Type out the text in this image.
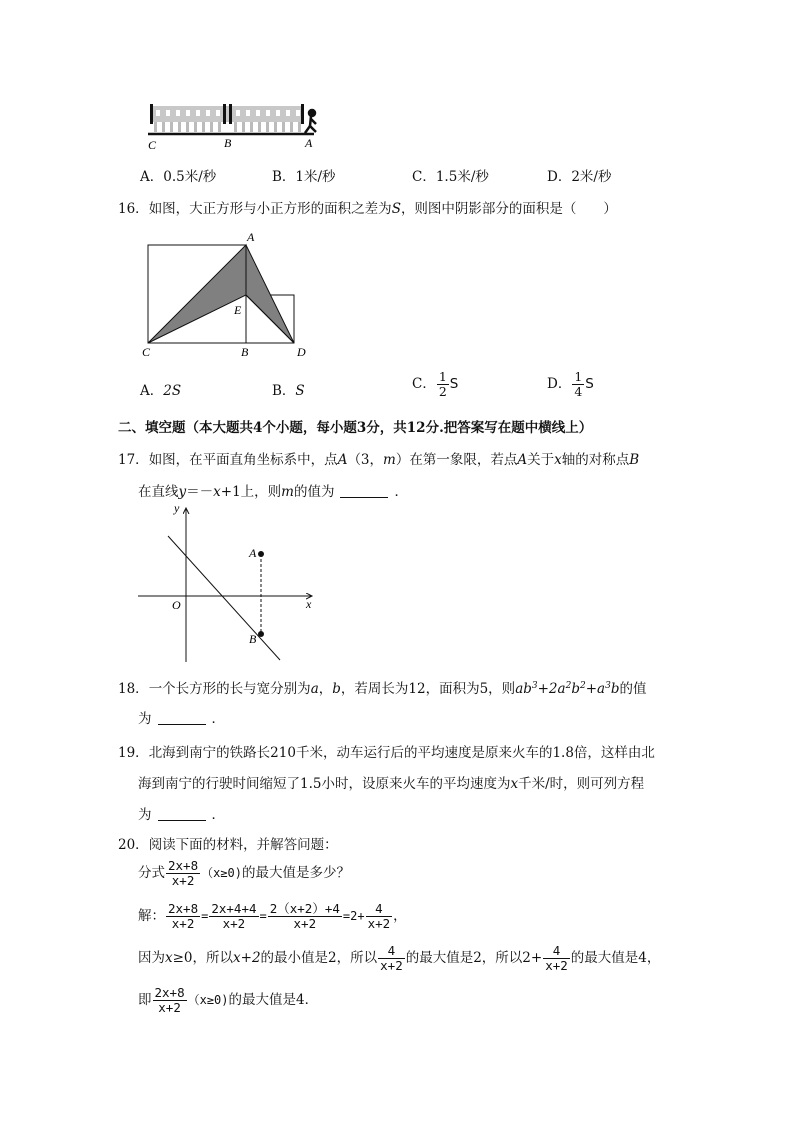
C	B	A
A．0.5米/秒	B．1米/秒	C．1.5米/秒	D．2米/秒
16．如图，大正方形与小正方形的面积之差为S，则图中阴影部分的面积是（　　）
A
E
C	B	D
A．2S	B．S	C． $\frac{1}{2}$ S	D． $\frac{1}{4}$ S
二、填空题（本大题共4个小题，每小题3分，共12分.把答案写在题中横线上）
17．如图，在平面直角坐标系中，点A（3，m）在第一象限，若点A关于x轴的对称点B
在直线y＝－x+1上，则m的值为	．
y
x
O
A
B
18．一个长方形的长与宽分别为a，b，若周长为12，面积为5，则$ab^3+2a^2b^2+a^3b$的值
为	．
19．北海到南宁的铁路长210千米，动车运行后的平均速度是原来火车的1.8倍，这样由北
海到南宁的行驶时间缩短了1.5小时，设原来火车的平均速度为x千米/时，则可列方程
为	．
20．阅读下面的材料，并解答问题：
分式 $\frac{2x+8}{x+2} (x\ge 0)$的最大值是多少？
解： $\frac{2x+8}{x+2} = \frac{2x+4+4}{x+2} = \frac{2(x+2)+4}{x+2} =2+ \frac{4}{x+2}$ ，
因为x≥0，所以x+2的最小值是2，所以 $\frac{4}{x+2}$ 的最大值是2，所以$2+ \frac{4}{x+2}$ 的最大值是4，
即 $\frac{2x+8}{x+2} (x\ge 0)$的最大值是4．
